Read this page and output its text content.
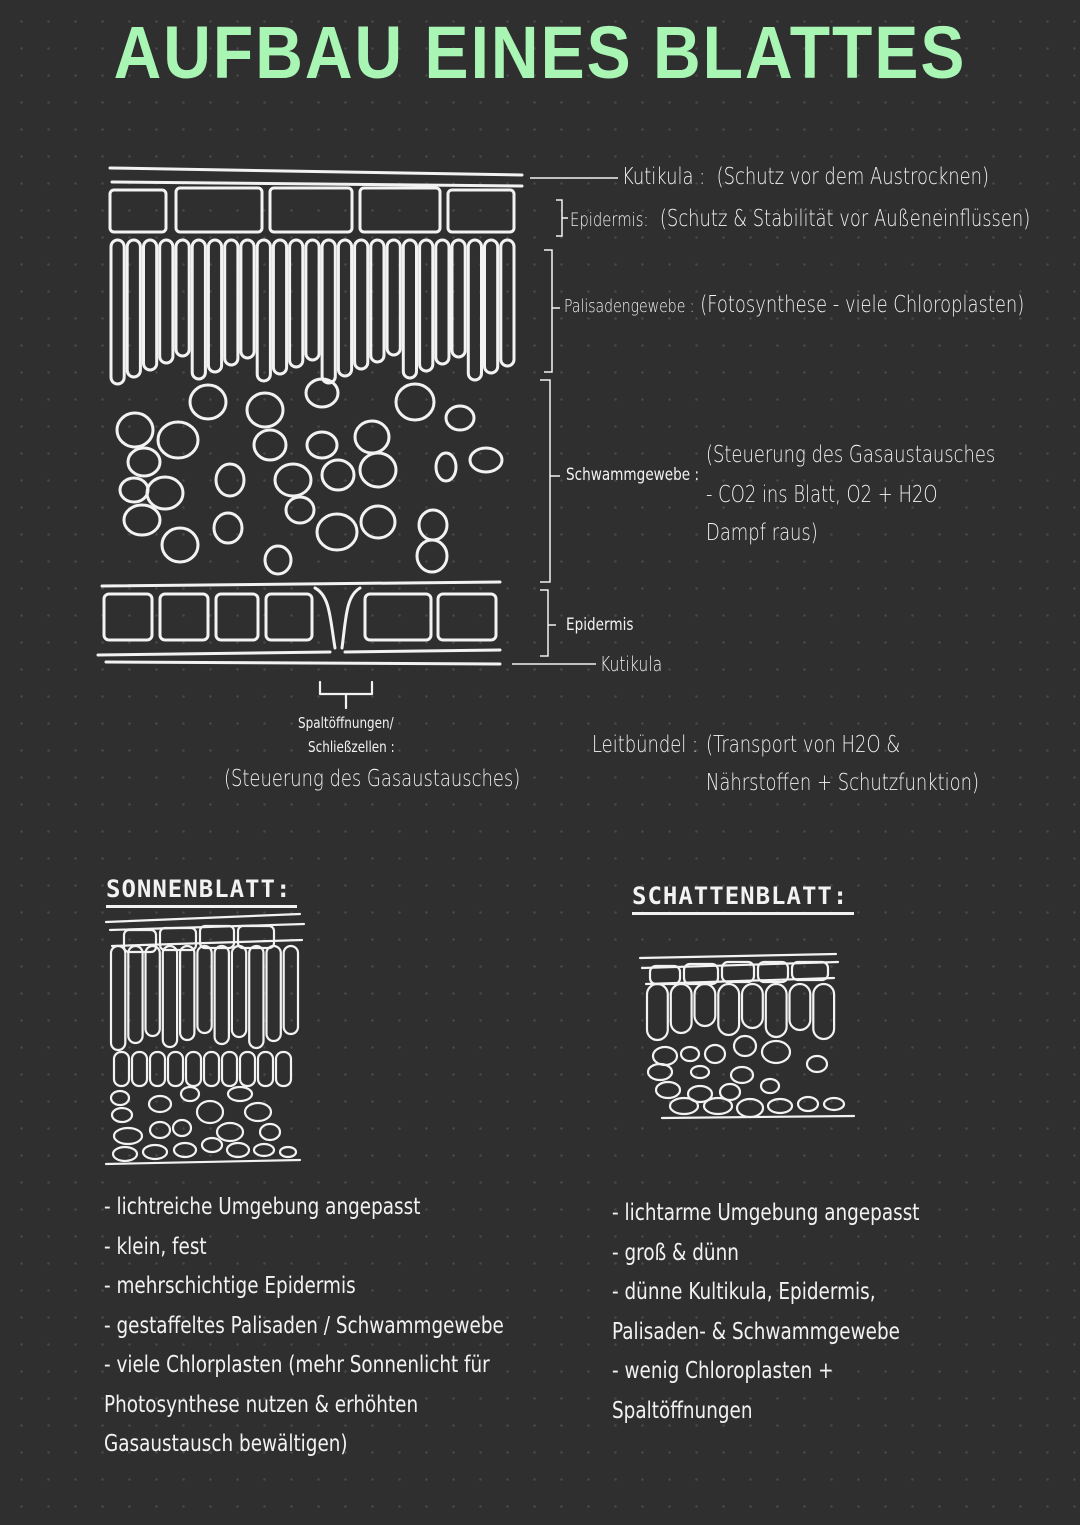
AUFBAU EINES BLATTES
Kutikula :  (Schutz vor dem Austrocknen)
Epidermis: (Schutz & Stabilität vor Außeneinflüssen)
Palisadengewebe : (Fotosynthese - viele Chloroplasten)
Schwammgewebe :
(Steuerung des Gasaustausches
- CO2 ins Blatt, O2 + H2O
Dampf raus)
Epidermis
Kutikula
Spaltöffnungen/
Schließzellen :
(Steuerung des Gasaustausches)
Leitbündel : (Transport von H2O &
Nährstoffen + Schutzfunktion)
SONNENBLATT:
- lichtreiche Umgebung angepasst
- klein, fest
- mehrschichtige Epidermis
- gestaffeltes Palisaden / Schwammgewebe
- viele Chlorplasten (mehr Sonnenlicht für Photosynthese nutzen & erhöhten Gasaustausch bewältigen)
SCHATTENBLATT:
- lichtarme Umgebung angepasst
- groß & dünn
- dünne Kultikula, Epidermis, Palisaden- & Schwammgewebe
- wenig Chloroplasten + Spaltöffnungen
